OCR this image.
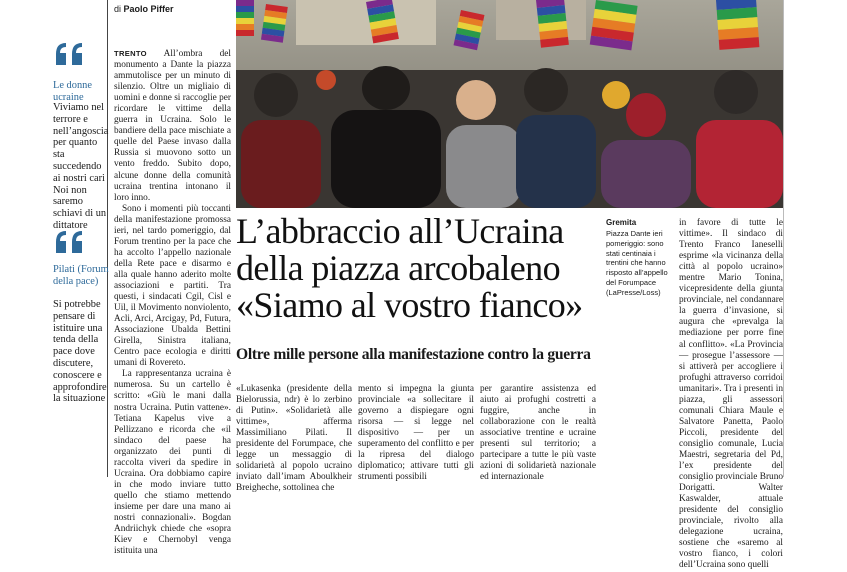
Le donne ucraine
Viviamo nel terrore e nell’angoscia per quanto sta succedendo ai nostri cari Noi non saremo schiavi di un dittatore
Pilati (Forum della pace)
Si potrebbe pensare di istituire una tenda della pace dove discutere, conoscere e approfondire la situazione
di Paolo Piffer

TRENTO All’ombra del monumento a Dante la piazza ammutolisce per un minuto di silenzio. Oltre un migliaio di uomini e donne si raccoglie per ricordare le vittime della guerra in Ucraina. Solo le bandiere della pace mischiate a quelle del Paese invaso dalla Russia si muovono sotto un vento freddo. Subito dopo, alcune donne della comunità ucraina trentina intonano il loro inno.

Sono i momenti più toccanti della manifestazione promossa ieri, nel tardo pomeriggio, dal Forum trentino per la pace che ha accolto l’appello nazionale della Rete pace e disarmo e alla quale hanno aderito molte associazioni e partiti. Tra questi, i sindacati Cgil, Cisl e Uil, il Movimento nonviolento, Acli, Arci, Arcigay, Pd, Futura, Associazione Ubalda Bettini Girella, Sinistra italiana, Centro pace ecologia e diritti umani di Rovereto.

La rappresentanza ucraina è numerosa. Su un cartello è scritto: «Giù le mani dalla nostra Ucraina. Putin vattene». Tetiana Kapelus vive a Pellizzano e ricorda che «il sindaco del paese ha organizzato dei punti di raccolta viveri da spedire in Ucraina. Ora dobbiamo capire in che modo inviare tutto quello che stiamo mettendo insieme per dare una mano ai nostri connazionali». Bogdan Andriichyk chiede che «sopra Kiev e Chernobyl venga istituita una

L’abbraccio all’Ucraina
della piazza arcobaleno
«Siamo al vostro fianco»
Oltre mille persone alla manifestazione contro la guerra
Gremita
Piazza Dante ieri pomeriggio: sono stati centinaia i trentini che hanno risposto all’appello del Forumpace (LaPresse/Loss)

in favore di tutte le vittime». Il sindaco di Trento Franco Ianeselli esprime «la vicinanza della città al popolo ucraino» mentre Mario Tonina, vicepresidente della giunta provinciale, nel condannare la guerra d’invasione, si augura che «prevalga la mediazione per porre fine al conflitto». «La Provincia — prosegue l’assessore — si attiverà per accogliere i profughi attraverso corridoi umanitari». Tra i presenti in piazza, gli assessori comunali Chiara Maule e Salvatore Panetta, Paolo Piccoli, presidente del consiglio comunale, Lucia Maestri, segretaria del Pd, l’ex presidente del consiglio provinciale Bruno Dorigatti. Walter Kaswalder, attuale presidente del consiglio provinciale, rivolto alla delegazione ucraina, sostiene che «saremo al vostro fianco, i colori dell’Ucraina sono quelli

«Lukasenka (presidente della Bielorussia, ndr) è lo zerbino di Putin». «Solidarietà alle vittime», afferma Massimiliano Pilati. Il presidente del Forumpace, che legge un messaggio di solidarietà al popolo ucraino inviato dall’imam Aboulkheir Breigheche, sottolinea che

mento si impegna la giunta provinciale «a sollecitare il governo a dispiegare ogni risorsa — si legge nel dispositivo — per un superamento del conflitto e per la ripresa del dialogo diplomatico; attivare tutti gli strumenti possibili

per garantire assistenza ed aiuto ai profughi costretti a fuggire, anche in collaborazione con le realtà associative trentine e ucraine presenti sul territorio; a partecipare a tutte le più vaste azioni di solidarietà nazionale ed internazionale
